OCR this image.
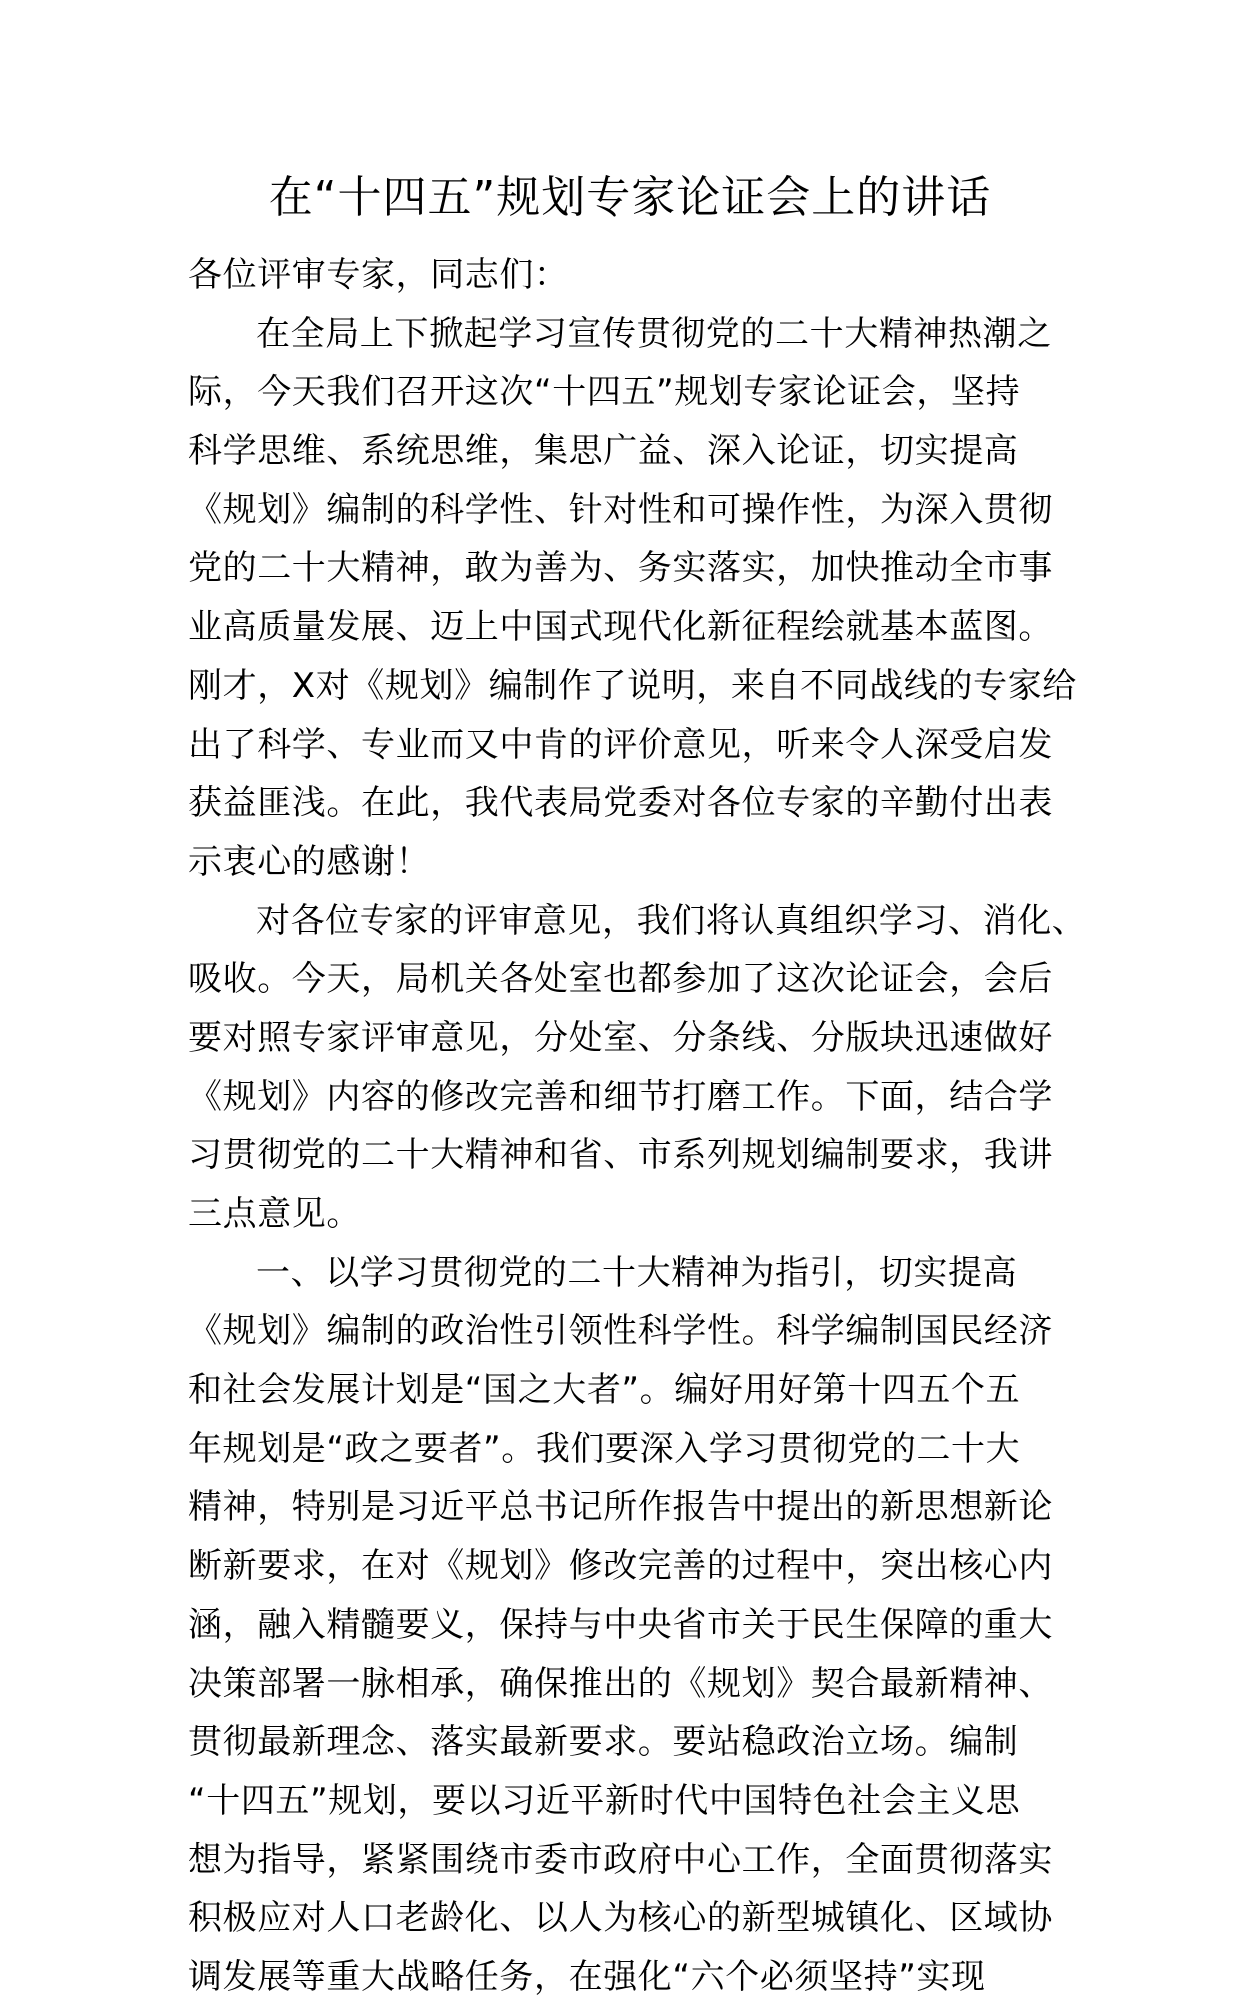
在“十四五”规划专家论证会上的讲话
各位评审专家，同志们：
在全局上下掀起学习宣传贯彻党的二十大精神热潮之
际，今天我们召开这次“十四五”规划专家论证会，坚持
科学思维、系统思维，集思广益、深入论证，切实提高
《规划》编制的科学性、针对性和可操作性，为深入贯彻
党的二十大精神，敢为善为、务实落实，加快推动全市事
业高质量发展、迈上中国式现代化新征程绘就基本蓝图。
刚才，X对《规划》编制作了说明，来自不同战线的专家给
出了科学、专业而又中肯的评价意见，听来令人深受启发
获益匪浅。在此，我代表局党委对各位专家的辛勤付出表
示衷心的感谢！
对各位专家的评审意见，我们将认真组织学习、消化、
吸收。今天，局机关各处室也都参加了这次论证会，会后
要对照专家评审意见，分处室、分条线、分版块迅速做好
《规划》内容的修改完善和细节打磨工作。下面，结合学
习贯彻党的二十大精神和省、市系列规划编制要求，我讲
三点意见。
一、以学习贯彻党的二十大精神为指引，切实提高
《规划》编制的政治性引领性科学性。科学编制国民经济
和社会发展计划是“国之大者”。编好用好第十四五个五
年规划是“政之要者”。我们要深入学习贯彻党的二十大
精神，特别是习近平总书记所作报告中提出的新思想新论
断新要求，在对《规划》修改完善的过程中，突出核心内
涵，融入精髓要义，保持与中央省市关于民生保障的重大
决策部署一脉相承，确保推出的《规划》契合最新精神、
贯彻最新理念、落实最新要求。要站稳政治立场。编制
“十四五”规划，要以习近平新时代中国特色社会主义思
想为指导，紧紧围绕市委市政府中心工作，全面贯彻落实
积极应对人口老龄化、以人为核心的新型城镇化、区域协
调发展等重大战略任务，在强化“六个必须坚持”实现
